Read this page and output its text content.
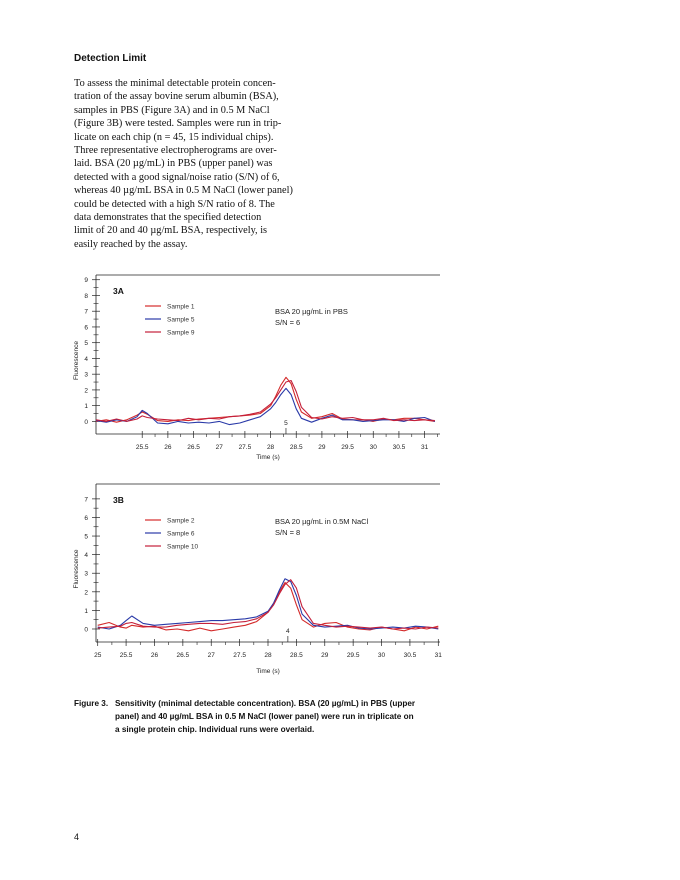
Detection Limit
To assess the minimal detectable protein concen-
tration of the assay bovine serum albumin (BSA),
samples in PBS (Figure 3A) and in 0.5 M NaCl
(Figure 3B) were tested. Samples were run in trip-
licate on each chip (n = 45, 15 individual chips).
Three representative electropherograms are over-
laid. BSA (20 µg/mL) in PBS (upper panel) was
detected with a good signal/noise ratio (S/N) of 6,
whereas 40 µg/mL BSA in 0.5 M NaCl (lower panel)
could be detected with a high S/N ratio of 8. The
data demonstrates that the specified detection
limit of 20 and 40 µg/mL BSA, respectively, is
easily reached by the assay.
0
1
2
3
4
5
6
7
8
9
25.5 26 26.5 27 27.5 28 28.5 29 29.5 30 30.5 31
Time (s)
Fluorescence
3A
BSA 20 µg/mL in PBS
S/N = 6
Sample 1
Sample 5
Sample 9
5
0
1
2
3
4
5
6
7
25	25.5	26	26.5	27	27.5	28	28.5	29	29.5	30	30.5	31
Time (s)
Fluorescence
3B
BSA 20 µg/mL in 0.5M NaCl
S/N = 8
Sample 2
Sample 6
Sample 10
4
Figure 3. Sensitivity (minimal detectable concentration). BSA (20 µg/mL) in PBS (upper
panel) and 40 µg/mL BSA in 0.5 M NaCl (lower panel) were run in triplicate on
a single protein chip. Individual runs were overlaid.
4
